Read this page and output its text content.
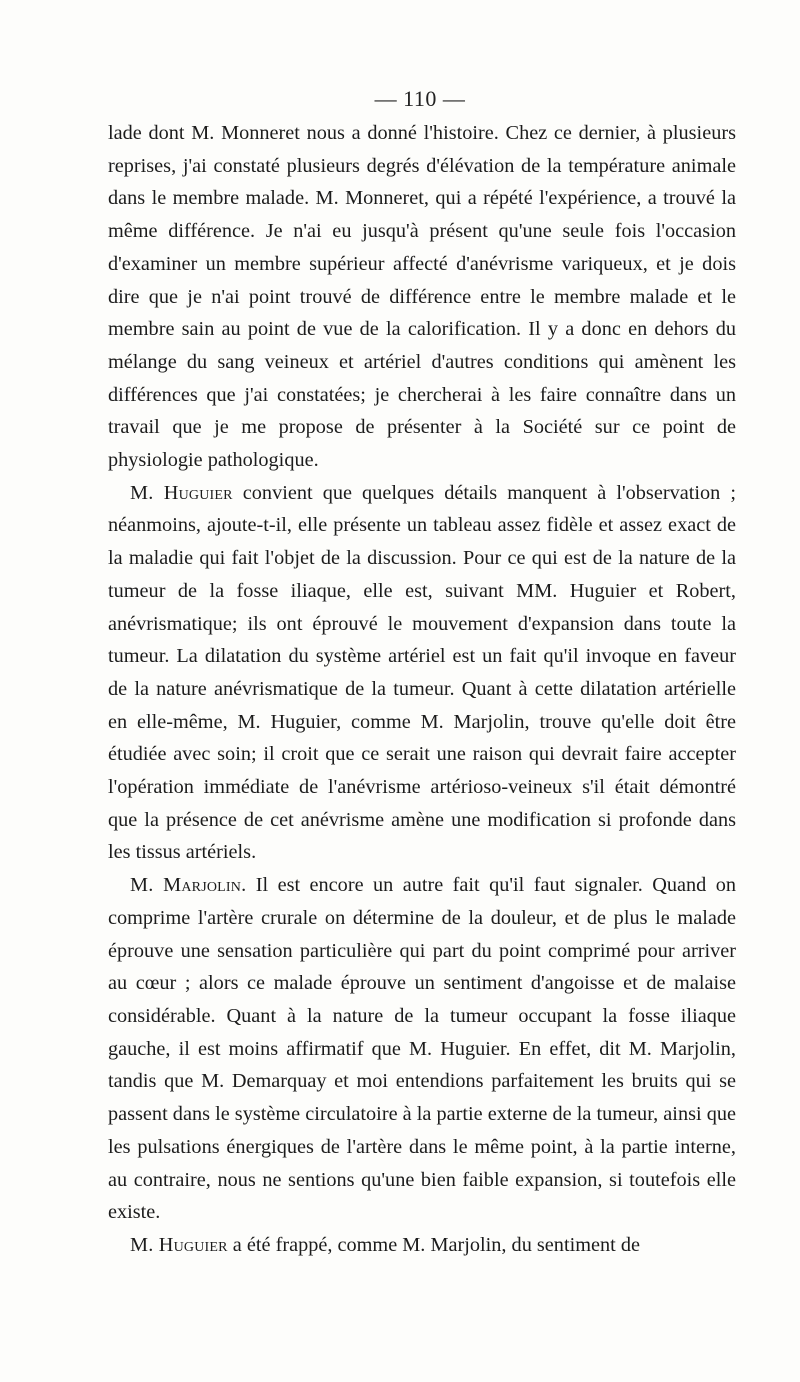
— 110 —

lade dont M. Monneret nous a donné l'histoire. Chez ce dernier, à plusieurs reprises, j'ai constaté plusieurs degrés d'élévation de la température animale dans le membre malade. M. Monneret, qui a répété l'expérience, a trouvé la même différence. Je n'ai eu jusqu'à présent qu'une seule fois l'occasion d'examiner un membre supérieur affecté d'anévrisme variqueux, et je dois dire que je n'ai point trouvé de différence entre le membre malade et le membre sain au point de vue de la calorification. Il y a donc en dehors du mélange du sang veineux et artériel d'autres conditions qui amènent les différences que j'ai constatées; je chercherai à les faire connaître dans un travail que je me propose de présenter à la Société sur ce point de physiologie pathologique.

M. Huguier convient que quelques détails manquent à l'observation ; néanmoins, ajoute-t-il, elle présente un tableau assez fidèle et assez exact de la maladie qui fait l'objet de la discussion. Pour ce qui est de la nature de la tumeur de la fosse iliaque, elle est, suivant MM. Huguier et Robert, anévrismatique; ils ont éprouvé le mouvement d'expansion dans toute la tumeur. La dilatation du système artériel est un fait qu'il invoque en faveur de la nature anévrismatique de la tumeur. Quant à cette dilatation artérielle en elle-même, M. Huguier, comme M. Marjolin, trouve qu'elle doit être étudiée avec soin; il croit que ce serait une raison qui devrait faire accepter l'opération immédiate de l'anévrisme artérioso-veineux s'il était démontré que la présence de cet anévrisme amène une modification si profonde dans les tissus artériels.

M. Marjolin. Il est encore un autre fait qu'il faut signaler. Quand on comprime l'artère crurale on détermine de la douleur, et de plus le malade éprouve une sensation particulière qui part du point comprimé pour arriver au cœur ; alors ce malade éprouve un sentiment d'angoisse et de malaise considérable. Quant à la nature de la tumeur occupant la fosse iliaque gauche, il est moins affirmatif que M. Huguier. En effet, dit M. Marjolin, tandis que M. Demarquay et moi entendions parfaitement les bruits qui se passent dans le système circulatoire à la partie externe de la tumeur, ainsi que les pulsations énergiques de l'artère dans le même point, à la partie interne, au contraire, nous ne sentions qu'une bien faible expansion, si toutefois elle existe.

M. Huguier a été frappé, comme M. Marjolin, du sentiment de
